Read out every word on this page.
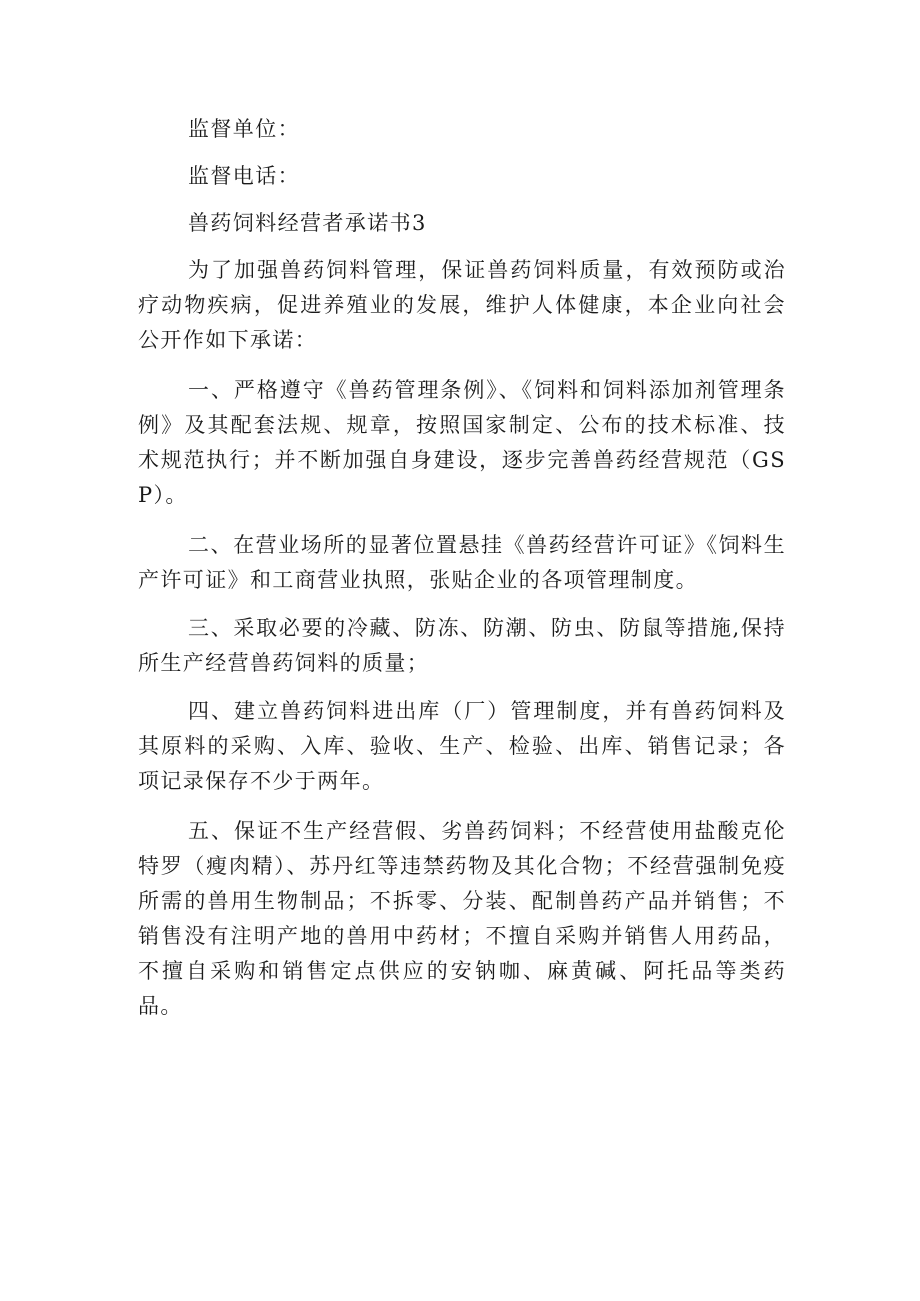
监督单位：

监督电话：

兽药饲料经营者承诺书3

为了加强兽药饲料管理，保证兽药饲料质量，有效预防或治疗动物疾病，促进养殖业的发展，维护人体健康，本企业向社会公开作如下承诺：

一、严格遵守《兽药管理条例》、《饲料和饲料添加剂管理条例》及其配套法规、规章，按照国家制定、公布的技术标准、技术规范执行；并不断加强自身建设，逐步完善兽药经营规范（GSP）。

二、在营业场所的显著位置悬挂《兽药经营许可证》《饲料生产许可证》和工商营业执照，张贴企业的各项管理制度。

三、采取必要的冷藏、防冻、防潮、防虫、防鼠等措施,保持所生产经营兽药饲料的质量；

四、建立兽药饲料进出库（厂）管理制度，并有兽药饲料及其原料的采购、入库、验收、生产、检验、出库、销售记录；各项记录保存不少于两年。

五、保证不生产经营假、劣兽药饲料；不经营使用盐酸克伦特罗（瘦肉精）、苏丹红等违禁药物及其化合物；不经营强制免疫所需的兽用生物制品；不拆零、分装、配制兽药产品并销售；不销售没有注明产地的兽用中药材；不擅自采购并销售人用药品，不擅自采购和销售定点供应的安钠咖、麻黄碱、阿托品等类药品。
